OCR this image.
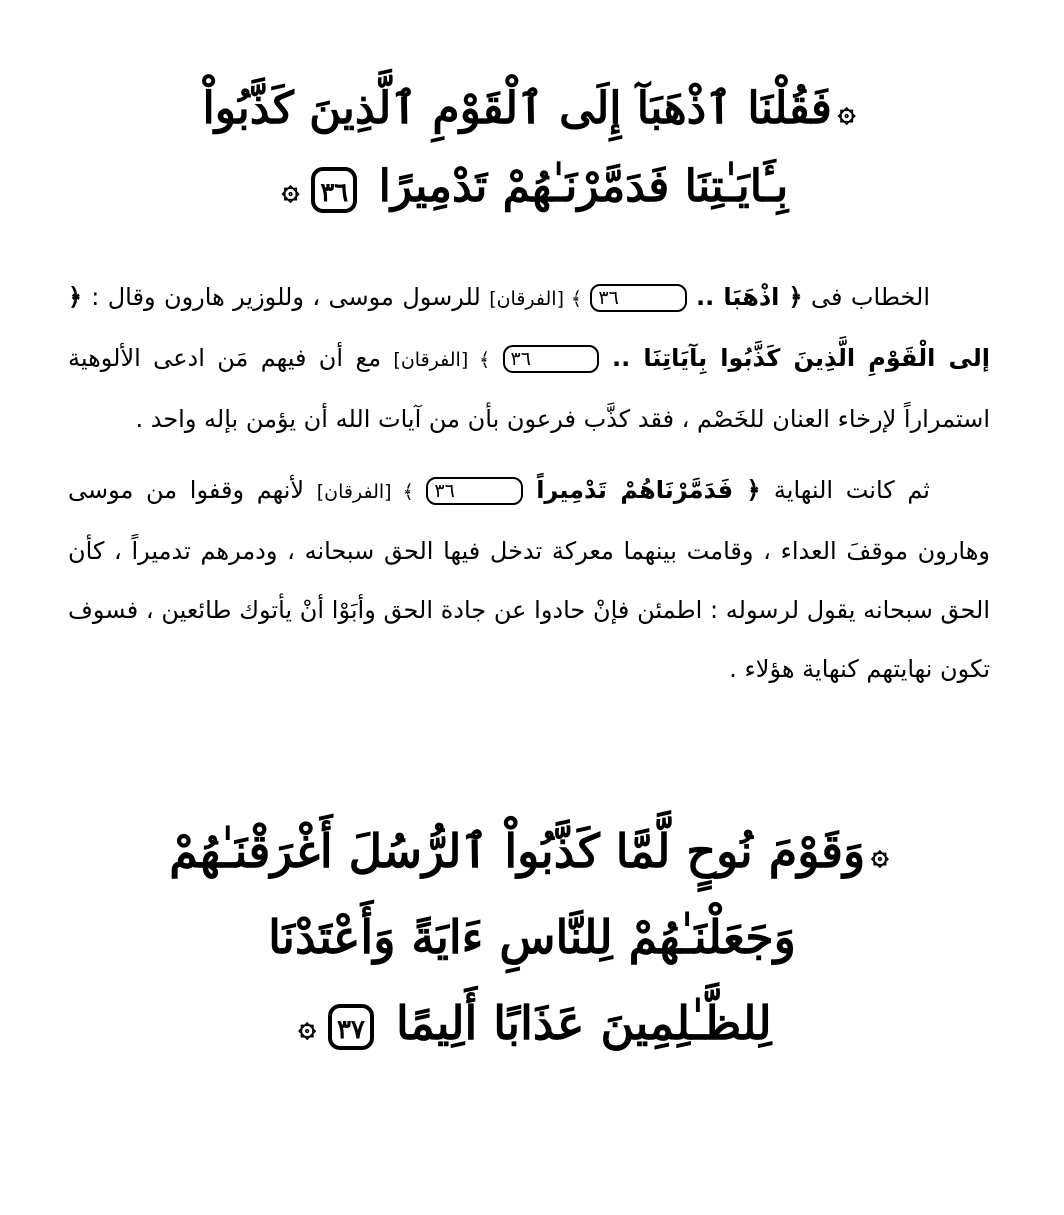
۞فَقُلْنَا ٱذْهَبَآ إِلَى ٱلْقَوْمِ ٱلَّذِينَ كَذَّبُواْ
بِـَٔايَـٰتِنَا فَدَمَّرْنَـٰهُمْ تَدْمِيرًا ٣٦۞

الخطاب فى ﴿ اذْهَبَا .. ٣٦ ﴾ [الفرقان] للرسول موسى ، وللوزير هارون وقال : ﴿ إلى الْقَوْمِ الَّذِينَ كَذَّبُوا بِآيَاتِنَا .. ٣٦ ﴾ [الفرقان] مع أن فيهم مَن ادعى الألوهية استمراراً لإرخاء العنان للخَصْم ، فقد كذَّب فرعون بأن من آيات الله أن يؤمن بإله واحد .

ثم كانت النهاية ﴿ فَدَمَّرْنَاهُمْ تَدْمِيراً ٣٦ ﴾ [الفرقان] لأنهم وقفوا من موسى وهارون موقفَ العداء ، وقامت بينهما معركة تدخل فيها الحق سبحانه ، ودمرهم تدميراً ، كأن الحق سبحانه يقول لرسوله : اطمئن فإنْ حادوا عن جادة الحق وأبَوْا أنْ يأتوك طائعين ، فسوف تكون نهايتهم كنهاية هؤلاء .

۞وَقَوْمَ نُوحٍ لَّمَّا كَذَّبُواْ ٱلرُّسُلَ أَغْرَقْنَـٰهُمْ
وَجَعَلْنَـٰهُمْ لِلنَّاسِ ءَايَةً وَأَعْتَدْنَا
لِلظَّـٰلِمِينَ عَذَابًا أَلِيمًا ٣٧۞
